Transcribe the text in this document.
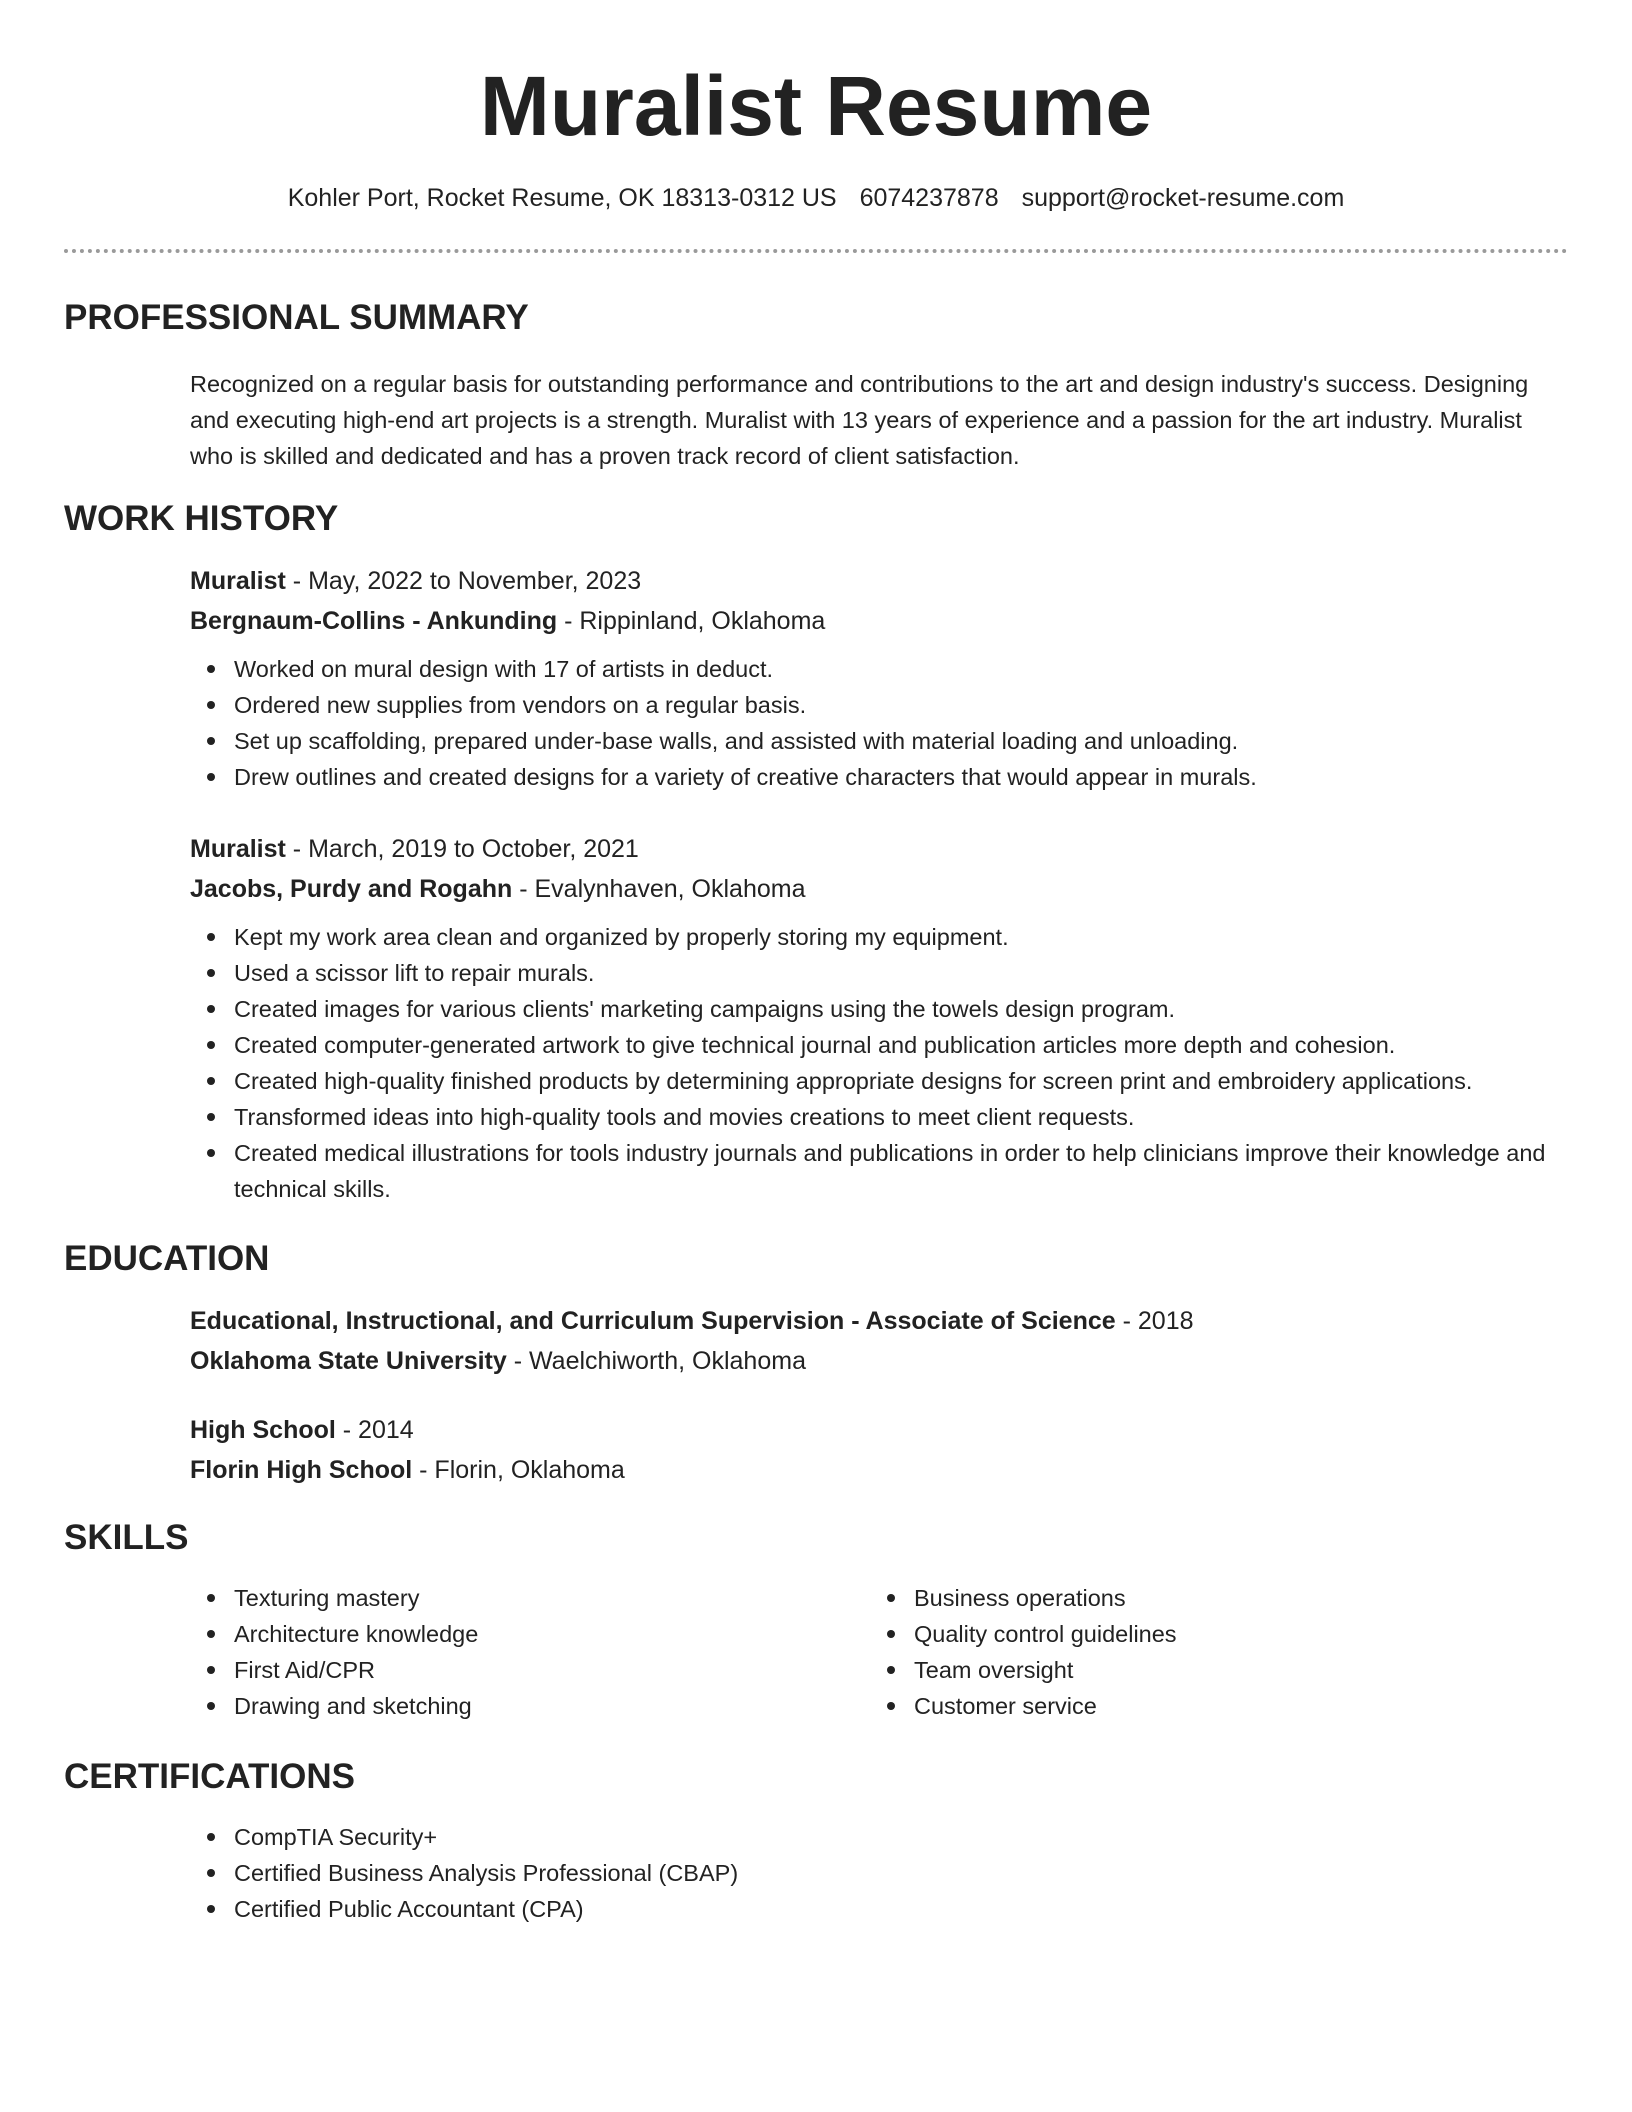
Muralist Resume
Kohler Port, Rocket Resume, OK 18313-0312 US 6074237878 support@rocket-resume.com
PROFESSIONAL SUMMARY
Recognized on a regular basis for outstanding performance and contributions to the art and design industry's success. Designing and executing high-end art projects is a strength. Muralist with 13 years of experience and a passion for the art industry. Muralist who is skilled and dedicated and has a proven track record of client satisfaction.
WORK HISTORY
Muralist - May, 2022 to November, 2023
Bergnaum-Collins - Ankunding - Rippinland, Oklahoma
Worked on mural design with 17 of artists in deduct.
Ordered new supplies from vendors on a regular basis.
Set up scaffolding, prepared under-base walls, and assisted with material loading and unloading.
Drew outlines and created designs for a variety of creative characters that would appear in murals.
Muralist - March, 2019 to October, 2021
Jacobs, Purdy and Rogahn - Evalynhaven, Oklahoma
Kept my work area clean and organized by properly storing my equipment.
Used a scissor lift to repair murals.
Created images for various clients' marketing campaigns using the towels design program.
Created computer-generated artwork to give technical journal and publication articles more depth and cohesion.
Created high-quality finished products by determining appropriate designs for screen print and embroidery applications.
Transformed ideas into high-quality tools and movies creations to meet client requests.
Created medical illustrations for tools industry journals and publications in order to help clinicians improve their knowledge and technical skills.
EDUCATION
Educational, Instructional, and Curriculum Supervision - Associate of Science - 2018
Oklahoma State University - Waelchiworth, Oklahoma
High School - 2014
Florin High School - Florin, Oklahoma
SKILLS
Texturing mastery
Architecture knowledge
First Aid/CPR
Drawing and sketching
Business operations
Quality control guidelines
Team oversight
Customer service
CERTIFICATIONS
CompTIA Security+
Certified Business Analysis Professional (CBAP)
Certified Public Accountant (CPA)
